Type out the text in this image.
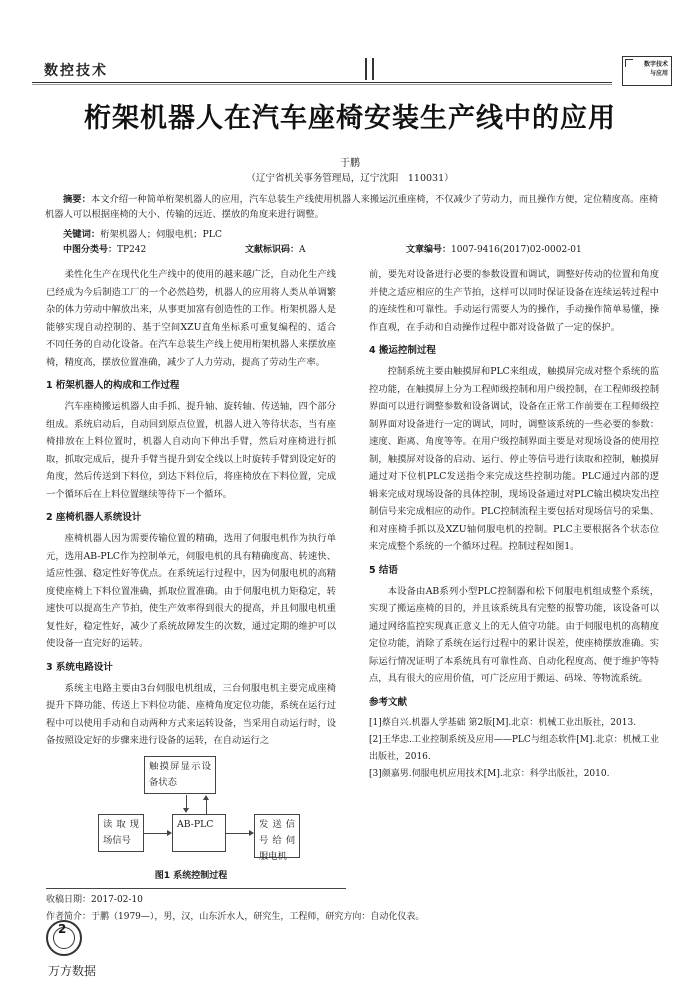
数控技术	数字技术
与应用
桁架机器人在汽车座椅安装生产线中的应用
于鹏
（辽宁省机关事务管理局，辽宁沈阳　110031）
摘要：本文介绍一种简单桁架机器人的应用，汽车总装生产线使用机器人来搬运沉重座椅，不仅减少了劳动力，而且操作方便，定位精度高。座椅机器人可以根据座椅的大小、传输的远近、摆放的角度来进行调整。
关键词：桁架机器人；伺服电机；PLC
中图分类号：TP242	文献标识码：A	文章编号：1007-9416(2017)02-0002-01

柔性化生产在现代化生产线中的使用的越来越广泛，自动化生产线已经成为今后制造工厂的一个必然趋势，机器人的应用将人类从单调繁杂的体力劳动中解放出来，从事更加富有创造性的工作。桁架机器人是能够实现自动控制的、基于空间XZU直角坐标系可重复编程的、适合不同任务的自动化设备。在汽车总装生产线上使用桁架机器人来摆放座椅，精度高，摆放位置准确，减少了人力劳动，提高了劳动生产率。

1 桁架机器人的构成和工作过程

汽车座椅搬运机器人由手抓、提升轴、旋转轴、传送轴，四个部分组成。系统启动后，自动回到原点位置，机器人进入等待状态，当有座椅排放在上料位置时，机器人自动向下伸出手臂，然后对座椅进行抓取，抓取完成后，提升手臂当提升到安全线以上时旋转手臂到设定好的角度，然后传送到下料位，到达下料位后，将座椅放在下料位置，完成一个循环后在上料位置继续等待下一个循环。

2 座椅机器人系统设计

座椅机器人因为需要传输位置的精确，选用了伺服电机作为执行单元，选用AB-PLC作为控制单元，伺服电机的具有精确度高、转速快、适应性强、稳定性好等优点。在系统运行过程中，因为伺服电机的高精度使座椅上下料位置准确，抓取位置准确。由于伺服电机力矩稳定，转速快可以提高生产节拍，使生产效率得到很大的提高，并且伺服电机重复性好，稳定性好，减少了系统故障发生的次数，通过定期的维护可以使设备一直完好的运转。

3 系统电路设计

系统主电路主要由3台伺服电机组成，三台伺服电机主要完成座椅提升下降功能、传送上下料位功能、座椅角度定位功能，系统在运行过程中可以使用手动和自动两种方式来运转设备，当采用自动运行时，设备按照设定好的步骤来进行设备的运转，在自动运行之

触摸屏显示设备状态
读取现场信号
AB-PLC	发送信号给伺服电机
图1 系统控制过程

前，要先对设备进行必要的参数设置和调试，调整好传动的位置和角度并使之适应相应的生产节拍，这样可以同时保证设备在连续运转过程中的连续性和可靠性。手动运行需要人为的操作，手动操作简单易懂，操作直观，在手动和自动操作过程中都对设备做了一定的保护。

4 搬运控制过程

控制系统主要由触摸屏和PLC来组成，触摸屏完成对整个系统的监控功能，在触摸屏上分为工程师级控制和用户级控制，在工程师级控制界面可以进行调整参数和设备调试，设备在正常工作前要在工程师级控制界面对设备进行一定的调试，同时，调整该系统的一些必要的参数：速度、距离、角度等等。在用户级控制界面主要是对现场设备的使用控制，触摸屏对设备的启动、运行、停止等信号进行读取和控制，触摸屏通过对下位机PLC发送指令来完成这些控制功能。PLC通过内部的逻辑来完成对现场设备的具体控制，现场设备通过对PLC输出模块发出控制信号来完成相应的动作。PLC控制流程主要包括对现场信号的采集、和对座椅手抓以及XZU轴伺服电机的控制。PLC主要根据各个状态位来完成整个系统的一个循环过程。控制过程如图1。

5 结语

本设备由AB系列小型PLC控制器和松下伺服电机组成整个系统，实现了搬运座椅的目的，并且该系统具有完整的报警功能，该设备可以通过网络监控实现真正意义上的无人值守功能。由于伺服电机的高精度定位功能，消除了系统在运行过程中的累计误差，使座椅摆放准确。实际运行情况证明了本系统具有可靠性高、自动化程度高、便于维护等特点，具有很大的应用价值，可广泛应用于搬运、码垛、等物流系统。

参考文献
[1]蔡自兴.机器人学基础 第2版[M].北京：机械工业出版社，2013.
[2]王华忠.工业控制系统及应用——PLC与组态软件[M].北京：机械工业出版社，2016.
[3]颜嘉男.伺服电机应用技术[M].北京：科学出版社，2010.
收稿日期：2017-02-10
作者简介：于鹏（1979—），男，汉，山东沂水人，研究生，工程师，研究方向：自动化仪表。
2
万方数据
